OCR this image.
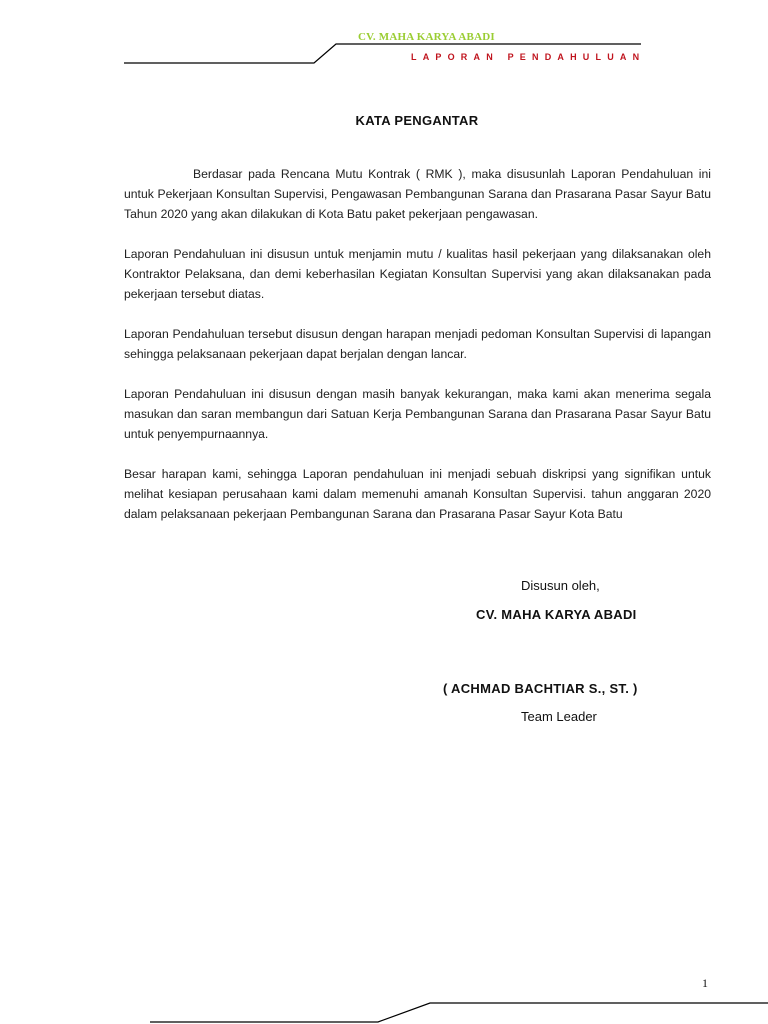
CV. MAHA KARYA ABADI
LAPORAN PENDAHULUAN
KATA PENGANTAR

Berdasar pada Rencana Mutu Kontrak ( RMK ), maka disusunlah Laporan Pendahuluan ini untuk Pekerjaan Konsultan Supervisi, Pengawasan Pembangunan Sarana dan Prasarana Pasar Sayur Batu Tahun 2020 yang akan dilakukan di Kota Batu paket pekerjaan pengawasan.

Laporan Pendahuluan ini disusun untuk menjamin mutu / kualitas hasil pekerjaan yang dilaksanakan oleh Kontraktor Pelaksana, dan demi keberhasilan Kegiatan Konsultan Supervisi yang akan dilaksanakan pada pekerjaan tersebut diatas.

Laporan Pendahuluan tersebut disusun dengan harapan menjadi pedoman Konsultan Supervisi di lapangan sehingga pelaksanaan pekerjaan dapat berjalan dengan lancar.

Laporan Pendahuluan ini disusun dengan masih banyak kekurangan, maka kami akan menerima segala masukan dan saran membangun dari Satuan Kerja Pembangunan Sarana dan Prasarana Pasar Sayur Batu untuk penyempurnaannya.

Besar harapan kami, sehingga Laporan pendahuluan ini menjadi sebuah diskripsi yang signifikan untuk melihat kesiapan perusahaan kami dalam memenuhi amanah Konsultan Supervisi. tahun anggaran 2020 dalam pelaksanaan pekerjaan Pembangunan Sarana dan Prasarana Pasar Sayur Kota Batu

Disusun oleh,
CV. MAHA KARYA ABADI
( ACHMAD BACHTIAR S., ST. )
Team Leader
1
